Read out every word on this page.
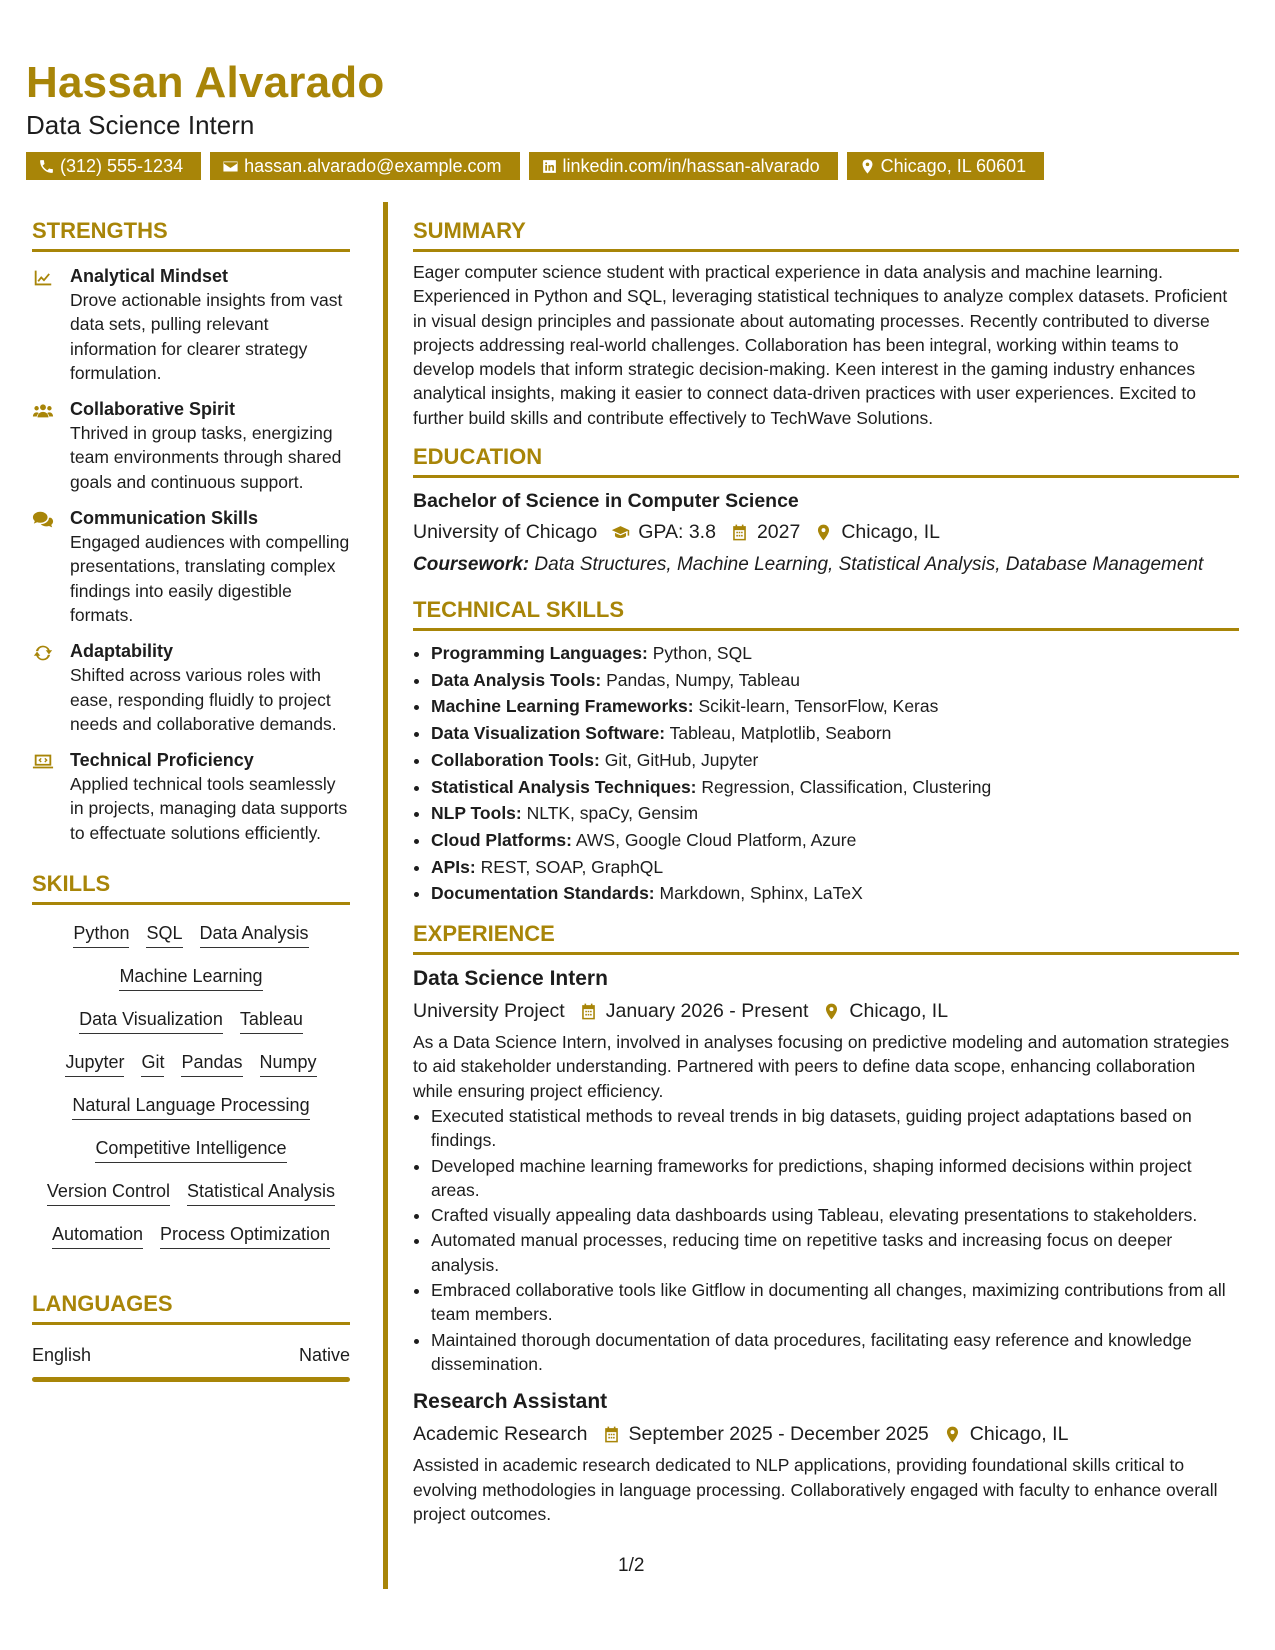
Hassan Alvarado
Data Science Intern
(312) 555-1234	hassan.alvarado@example.com	linkedin.com/in/hassan-alvarado	Chicago, IL 60601
STRENGTHS
Analytical Mindset
Drove actionable insights from vast data sets, pulling relevant information for clearer strategy formulation.
Collaborative Spirit
Thrived in group tasks, energizing team environments through shared goals and continuous support.
Communication Skills
Engaged audiences with compelling presentations, translating complex findings into easily digestible formats.
Adaptability
Shifted across various roles with ease, responding fluidly to project needs and collaborative demands.
Technical Proficiency
Applied technical tools seamlessly in projects, managing data supports to effectuate solutions efficiently.
SKILLS
Python SQL Data Analysis
Machine Learning
Data Visualization Tableau
Jupyter Git Pandas Numpy
Natural Language Processing
Competitive Intelligence
Version Control Statistical Analysis
Automation Process Optimization
LANGUAGES
English	Native
SUMMARY
Eager computer science student with practical experience in data analysis and machine learning. Experienced in Python and SQL, leveraging statistical techniques to analyze complex datasets. Proficient in visual design principles and passionate about automating processes. Recently contributed to diverse projects addressing real-world challenges. Collaboration has been integral, working within teams to develop models that inform strategic decision-making. Keen interest in the gaming industry enhances analytical insights, making it easier to connect data-driven practices with user experiences. Excited to further build skills and contribute effectively to TechWave Solutions.
EDUCATION
Bachelor of Science in Computer Science
University of Chicago GPA: 3.8 2027 Chicago, IL
Coursework: Data Structures, Machine Learning, Statistical Analysis, Database Management
TECHNICAL SKILLS
• Programming Languages: Python, SQL
• Data Analysis Tools: Pandas, Numpy, Tableau
• Machine Learning Frameworks: Scikit-learn, TensorFlow, Keras
• Data Visualization Software: Tableau, Matplotlib, Seaborn
• Collaboration Tools: Git, GitHub, Jupyter
• Statistical Analysis Techniques: Regression, Classification, Clustering
• NLP Tools: NLTK, spaCy, Gensim
• Cloud Platforms: AWS, Google Cloud Platform, Azure
• APIs: REST, SOAP, GraphQL
• Documentation Standards: Markdown, Sphinx, LaTeX
EXPERIENCE
Data Science Intern
University Project January 2026 - Present Chicago, IL
As a Data Science Intern, involved in analyses focusing on predictive modeling and automation strategies to aid stakeholder understanding. Partnered with peers to define data scope, enhancing collaboration while ensuring project efficiency.
• Executed statistical methods to reveal trends in big datasets, guiding project adaptations based on findings.
• Developed machine learning frameworks for predictions, shaping informed decisions within project areas.
• Crafted visually appealing data dashboards using Tableau, elevating presentations to stakeholders.
• Automated manual processes, reducing time on repetitive tasks and increasing focus on deeper analysis.
• Embraced collaborative tools like Gitflow in documenting all changes, maximizing contributions from all team members.
• Maintained thorough documentation of data procedures, facilitating easy reference and knowledge dissemination.
Research Assistant
Academic Research September 2025 - December 2025 Chicago, IL
Assisted in academic research dedicated to NLP applications, providing foundational skills critical to evolving methodologies in language processing. Collaboratively engaged with faculty to enhance overall project outcomes.
1/2
